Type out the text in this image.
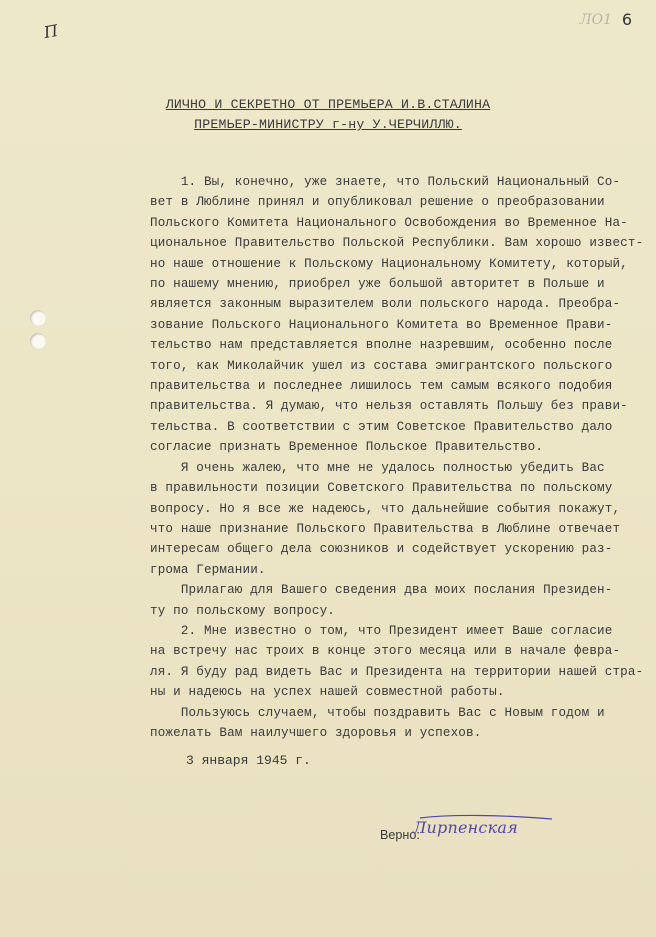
П
ЛО1 6
ЛИЧНО И СЕКРЕТНО ОТ ПРЕМЬЕРА И.В.СТАЛИНА
ПРЕМЬЕР-МИНИСТРУ г-ну У.ЧЕРЧИЛЛЮ.
1. Вы, конечно, уже знаете, что Польский Национальный Со-
вет в Люблине принял и опубликовал решение о преобразовании
Польского Комитета Национального Освобождения во Временное На-
циональное Правительство Польской Республики. Вам хорошо извест-
но наше отношение к Польскому Национальному Комитету, который,
по нашему мнению, приобрел уже большой авторитет в Польше и
является законным выразителем воли польского народа. Преобра-
зование Польского Национального Комитета во Временное Прави-
тельство нам представляется вполне назревшим, особенно после
того, как Миколайчик ушел из состава эмигрантского польского
правительства и последнее лишилось тем самым всякого подобия
правительства. Я думаю, что нельзя оставлять Польшу без прави-
тельства. В соответствии с этим Советское Правительство дало
согласие признать Временное Польское Правительство.
Я очень жалею, что мне не удалось полностью убедить Вас
в правильности позиции Советского Правительства по польскому
вопросу. Но я все же надеюсь, что дальнейшие события покажут,
что наше признание Польского Правительства в Люблине отвечает
интересам общего дела союзников и содействует ускорению раз-
грома Германии.
Прилагаю для Вашего сведения два моих послания Президен-
ту по польскому вопросу.
2. Мне известно о том, что Президент имеет Ваше согласие
на встречу нас троих в конце этого месяца или в начале февра-
ля. Я буду рад видеть Вас и Президента на территории нашей стра-
ны и надеюсь на успех нашей совместной работы.
Пользуюсь случаем, чтобы поздравить Вас с Новым годом и
пожелать Вам наилучшего здоровья и успехов.
3 января 1945 г.
Верно:
Лирпенская
